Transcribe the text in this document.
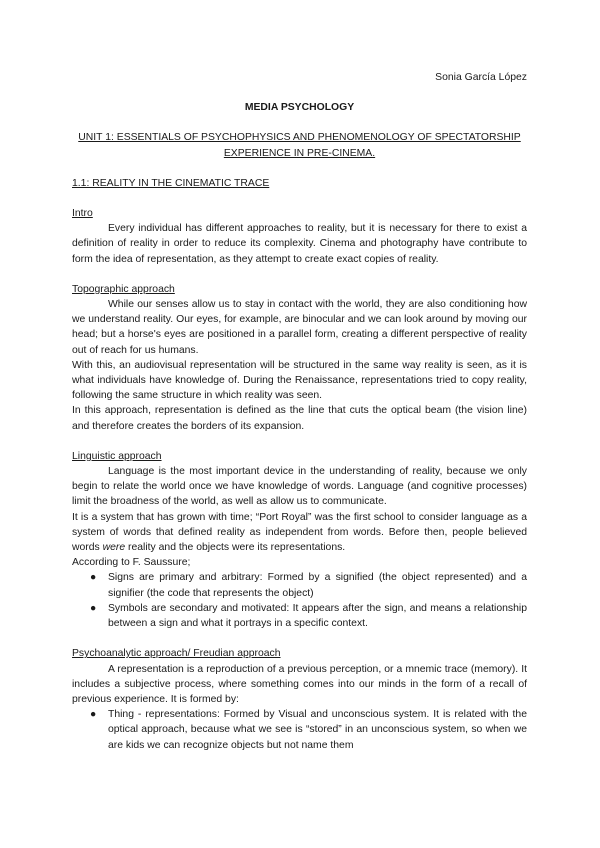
Sonia García López

MEDIA PSYCHOLOGY

UNIT 1: ESSENTIALS OF PSYCHOPHYSICS AND PHENOMENOLOGY OF SPECTATORSHIP EXPERIENCE IN PRE-CINEMA.

1.1: REALITY IN THE CINEMATIC TRACE

Intro

Every individual has different approaches to reality, but it is necessary for there to exist a definition of reality in order to reduce its complexity. Cinema and photography have contribute to form the idea of representation, as they attempt to create exact copies of reality.

Topographic approach

While our senses allow us to stay in contact with the world, they are also conditioning how we understand reality. Our eyes, for example, are binocular and we can look around by moving our head; but a horse's eyes are positioned in a parallel form, creating a different perspective of reality out of reach for us humans.

With this, an audiovisual representation will be structured in the same way reality is seen, as it is what individuals have knowledge of. During the Renaissance, representations tried to copy reality, following the same structure in which reality was seen.

In this approach, representation is defined as the line that cuts the optical beam (the vision line) and therefore creates the borders of its expansion.

Linguistic approach

Language is the most important device in the understanding of reality, because we only begin to relate the world once we have knowledge of words. Language (and cognitive processes) limit the broadness of the world, as well as allow us to communicate.

It is a system that has grown with time; “Port Royal” was the first school to consider language as a system of words that defined reality as independent from words. Before then, people believed words were reality and the objects were its representations.

According to F. Saussure;

● Signs are primary and arbitrary: Formed by a signified (the object represented) and a signifier (the code that represents the object)
● Symbols are secondary and motivated: It appears after the sign, and means a relationship between a sign and what it portrays in a specific context.

Psychoanalytic approach/ Freudian approach

A representation is a reproduction of a previous perception, or a mnemic trace (memory). It includes a subjective process, where something comes into our minds in the form of a recall of previous experience. It is formed by:

● Thing - representations: Formed by Visual and unconscious system. It is related with the optical approach, because what we see is “stored” in an unconscious system, so when we are kids we can recognize objects but not name them
